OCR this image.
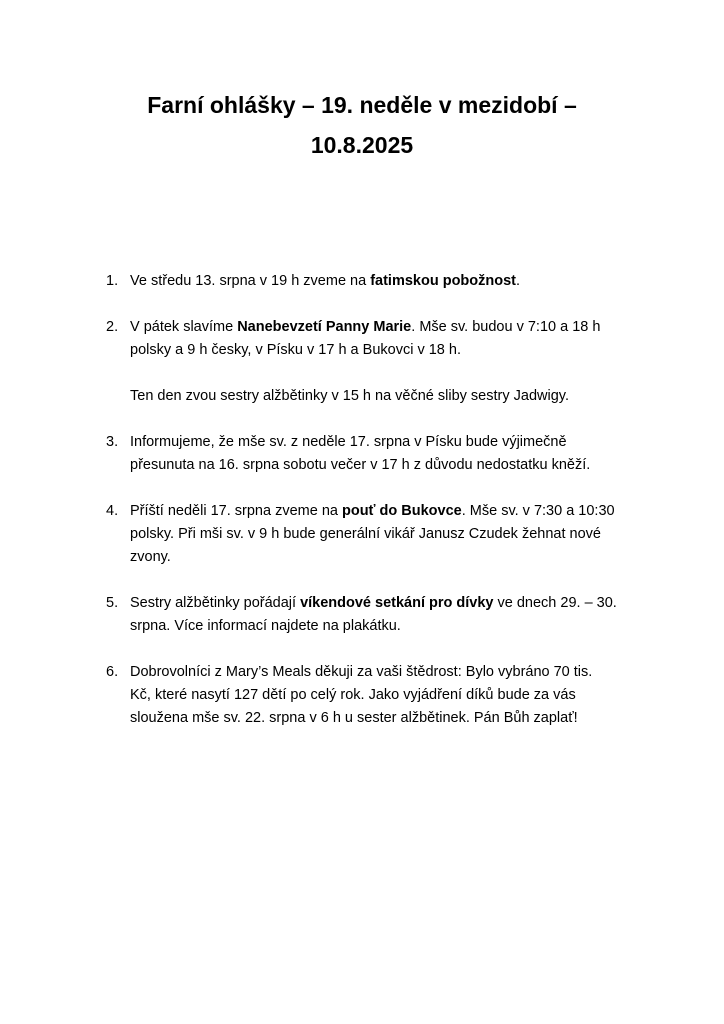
Farní ohlášky – 19. neděle v mezidobí –
10.8.2025
1. Ve středu 13. srpna v 19 h zveme na fatimskou pobožnost.
2. V pátek slavíme Nanebevzetí Panny Marie. Mše sv. budou v 7:10 a 18 h
polsky a 9 h česky, v Písku v 17 h a Bukovci v 18 h.
Ten den zvou sestry alžbětinky v 15 h na věčné sliby sestry Jadwigy.
3. Informujeme, že mše sv. z neděle 17. srpna v Písku bude výjimečně
přesunuta na 16. srpna sobotu večer v 17 h z důvodu nedostatku kněží.
4. Příští neděli 17. srpna zveme na pouť do Bukovce. Mše sv. v 7:30 a 10:30
polsky. Při mši sv. v 9 h bude generální vikář Janusz Czudek žehnat nové
zvony.
5. Sestry alžbětinky pořádají víkendové setkání pro dívky ve dnech 29. – 30.
srpna. Více informací najdete na plakátku.
6. Dobrovolníci z Mary’s Meals děkuji za vaši štědrost: Bylo vybráno 70 tis.
Kč, které nasytí 127 dětí po celý rok. Jako vyjádření díků bude za vás
sloužena mše sv. 22. srpna v 6 h u sester alžbětinek. Pán Bůh zaplať!
